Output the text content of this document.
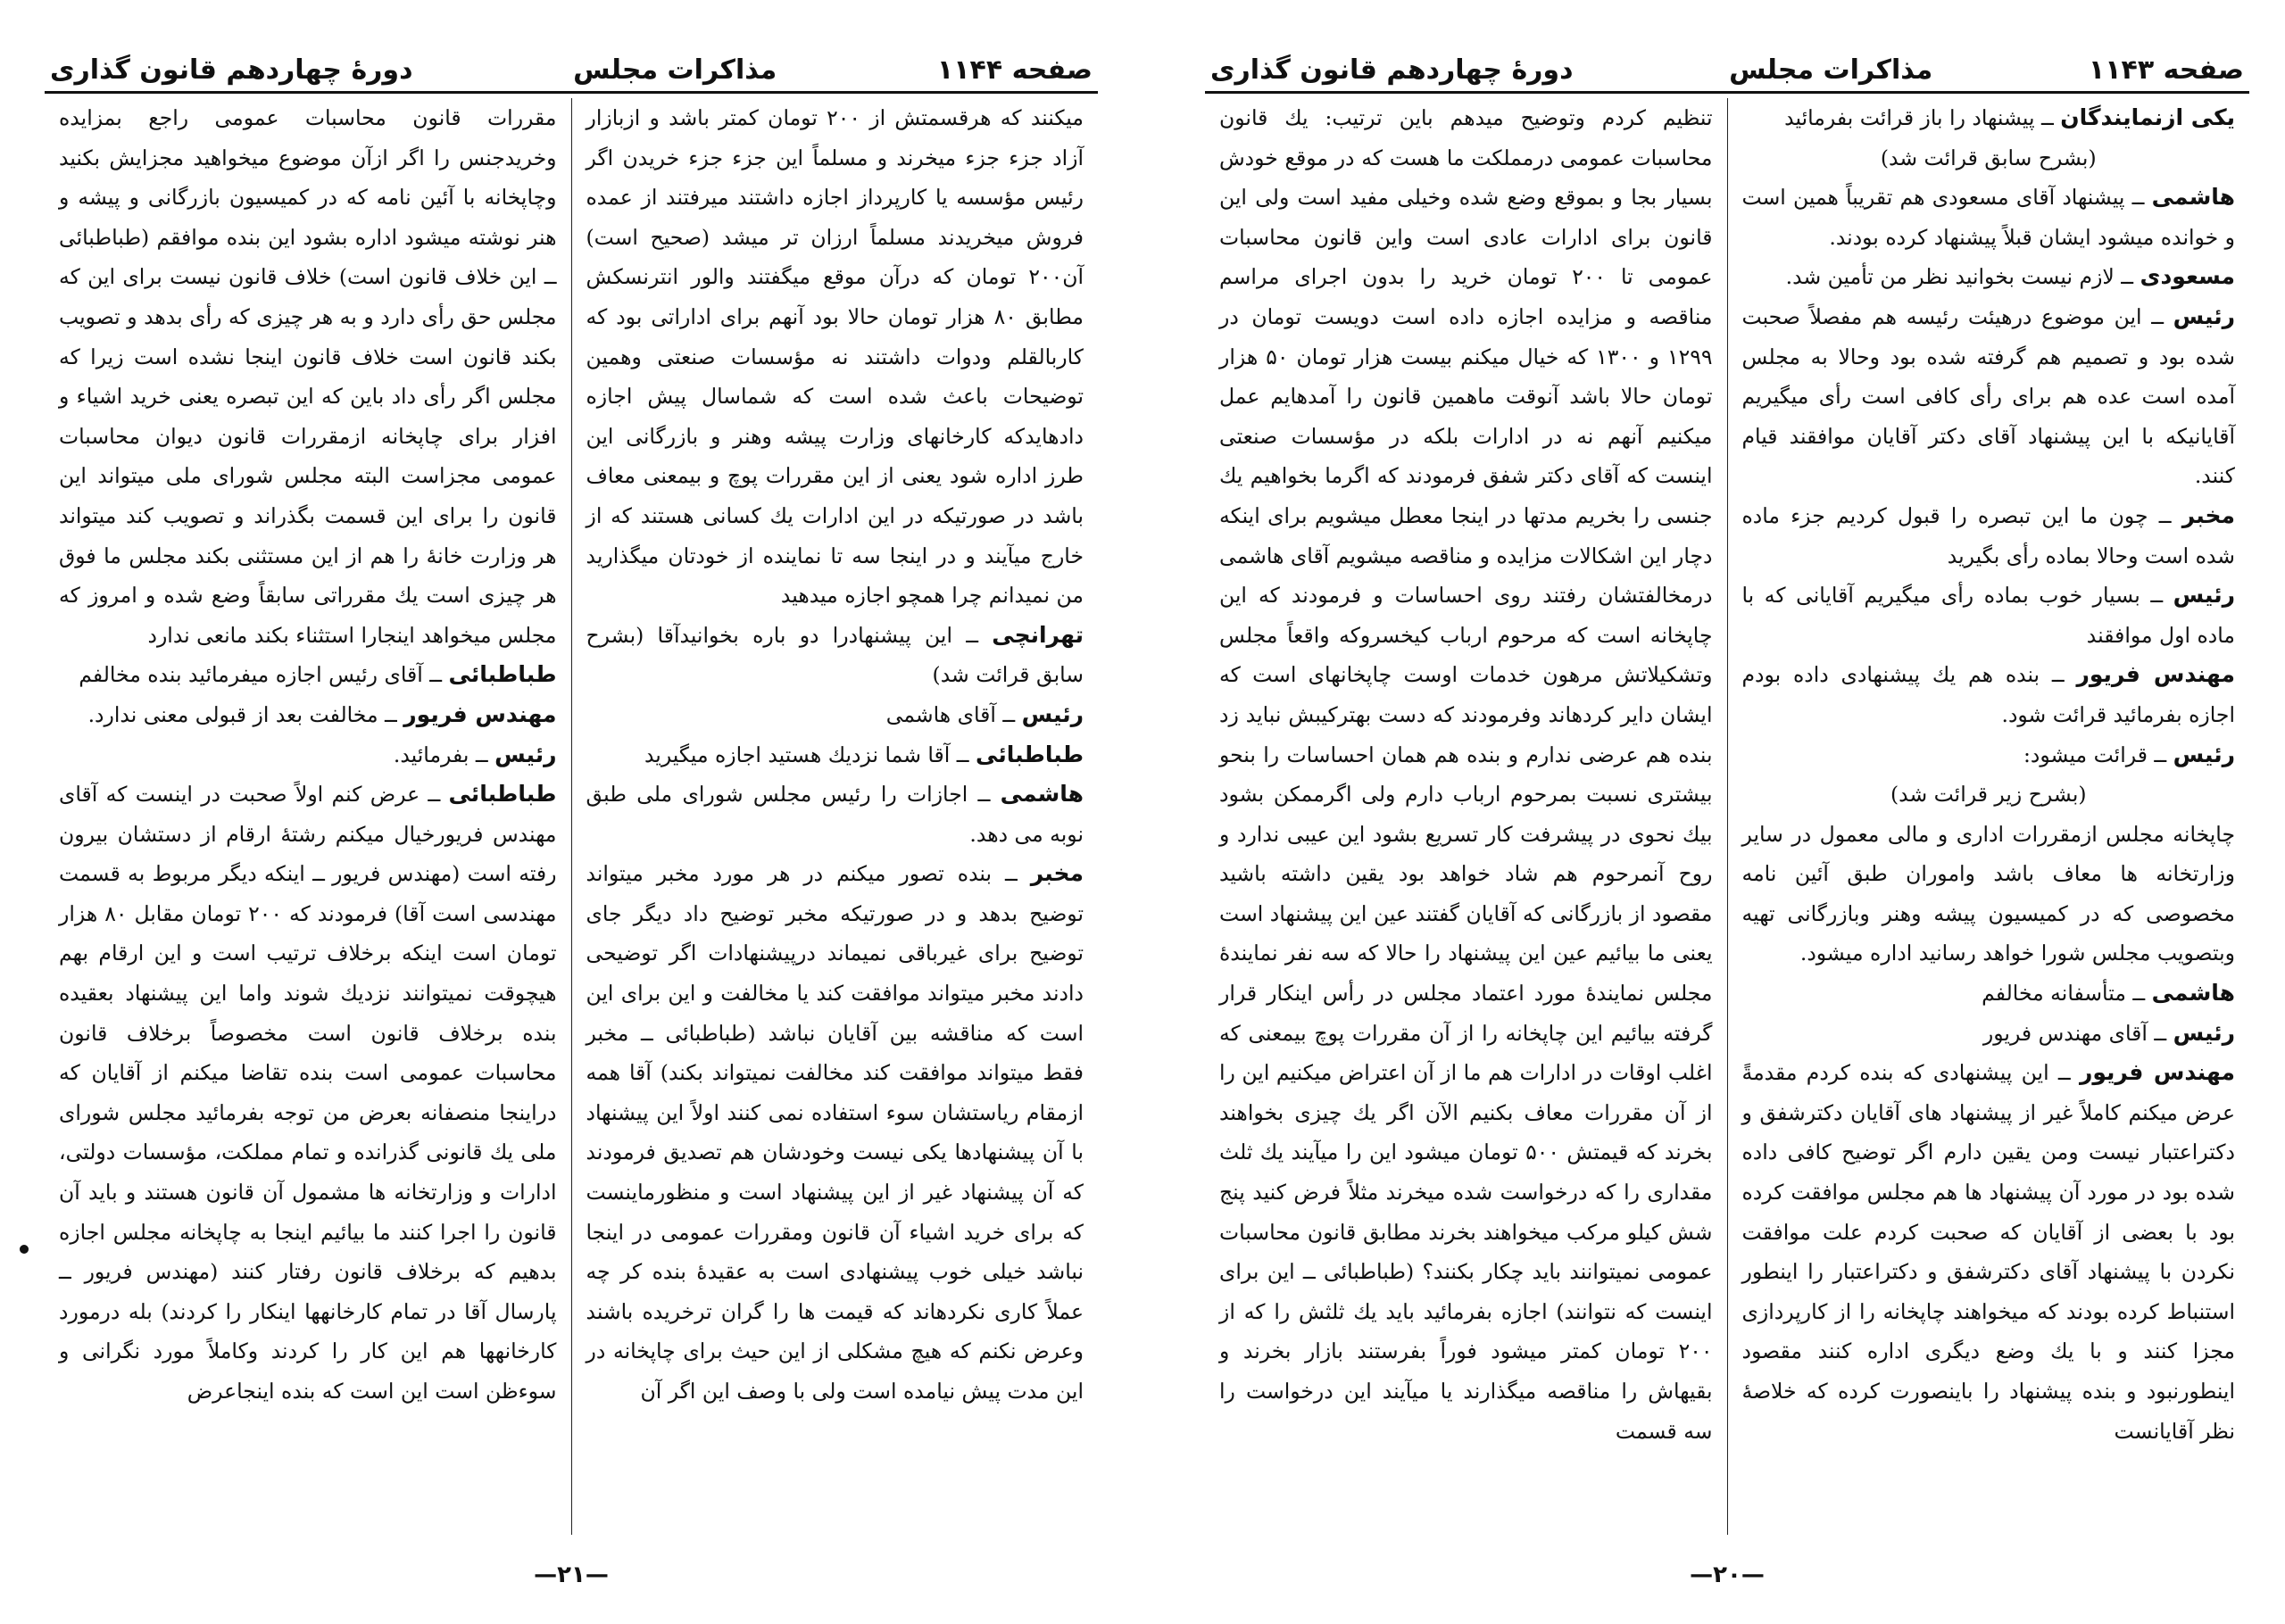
دورهٔ چهاردهم قانون گذاری	مذاکرات مجلس	صفحه ۱۱۴۴

میکنند که هرقسمتش از ۲۰۰ تومان کمتر باشد و ازبازار آزاد جزء جزء میخرند و مسلماً این جزء جزء خریدن اگر رئیس مؤسسه یا کارپرداز اجازه داشتند میرفتند از عمده فروش میخریدند مسلماً ارزان تر میشد (صحیح است) آن۲۰۰ تومان که درآن موقع میگفتند والور انترنسکش مطابق ۸۰ هزار تومان حالا بود آنهم برای اداراتی بود که کاربالقلم ودوات داشتند نه مؤسسات صنعتی وهمین توضیحات باعث شده است که شماسال پیش اجازه دادهایدکه کارخانهای وزارت پیشه وهنر و بازرگانی این طرز اداره شود یعنی از این مقررات پوچ و بیمعنی معاف باشد در صورتیکه در این ادارات یك کسانی هستند که از خارج میآیند و در اینجا سه تا نماینده از خودتان میگذارید من نمیدانم چرا همچو اجازه میدهید

تهرانچی ــ این پیشنهادرا دو باره بخوانیدآقا (بشرح سابق قرائت شد)

رئیس ــ آقای هاشمی

طباطبائی ــ آقا شما نزدیك هستید اجازه میگیرید

هاشمی ــ اجازات را رئیس مجلس شورای ملی طبق نوبه می دهد.

مخبر ــ بنده تصور میکنم در هر مورد مخبر میتواند توضیح بدهد و در صورتیکه مخبر توضیح داد دیگر جای توضیح برای غیرباقی نمیماند درپیشنهادات اگر توضیحی دادند مخبر میتواند موافقت کند یا مخالفت و این برای این است که مناقشه بین آقایان نباشد (طباطبائی ــ مخبر فقط میتواند موافقت کند مخالفت نمیتواند بکند) آقا همه ازمقام ریاستشان سوء استفاده نمی کنند اولاً این پیشنهاد با آن پیشنهادها یکی نیست وخودشان هم تصدیق فرمودند که آن پیشنهاد غیر از این پیشنهاد است و منظورماینست که برای خرید اشیاء آن قانون ومقررات عمومی در اینجا نباشد خیلی خوب پیشنهادی است به عقیدهٔ بنده کر چه عملاً کاری نکردهاند که قیمت ها را گران ترخریده باشند وعرض نکنم که هیچ مشکلی از این حیث برای چاپخانه در این مدت پیش نیامده است ولی با وصف این اگر آن

مقررات قانون محاسبات عمومی راجع بمزایده وخریدجنس را اگر ازآن موضوع میخواهید مجزایش بکنید وچاپخانه با آئین نامه که در کمیسیون بازرگانی و پیشه و هنر نوشته میشود اداره بشود این بنده موافقم (طباطبائی ــ این خلاف قانون است) خلاف قانون نیست برای این که مجلس حق رأی دارد و به هر چیزی که رأی بدهد و تصویب بکند قانون است خلاف قانون اینجا نشده است زیرا که مجلس اگر رأی داد باین که این تبصره یعنی خرید اشیاء و افزار برای چاپخانه ازمقررات قانون دیوان محاسبات عمومی مجزاست البته مجلس شورای ملی میتواند این قانون را برای این قسمت بگذراند و تصویب کند میتواند هر وزارت خانهٔ را هم از این مستثنی بکند مجلس ما فوق هر چیزی است یك مقرراتی سابقاً وضع شده و امروز که مجلس میخواهد اینجارا استثناء بکند مانعی ندارد

طباطبائی ــ آقای رئیس اجازه میفرمائید بنده مخالفم

مهندس فریور ــ مخالفت بعد از قبولی معنی ندارد.

رئیس ــ بفرمائید.

طباطبائی ــ عرض کنم اولاً صحبت در اینست که آقای مهندس فریورخیال میکنم رشتهٔ ارقام از دستشان بیرون رفته است (مهندس فریور ــ اینکه دیگر مربوط به قسمت مهندسی است آقا) فرمودند که ۲۰۰ تومان مقابل ۸۰ هزار تومان است اینکه برخلاف ترتیب است و این ارقام بهم هیچوقت نمیتوانند نزدیك شوند واما این پیشنهاد بعقیده بنده برخلاف قانون است مخصوصاً برخلاف قانون محاسبات عمومی است بنده تقاضا میکنم از آقایان که دراینجا منصفانه بعرض من توجه بفرمائید مجلس شورای ملی یك قانونی گذرانده و تمام مملکت، مؤسسات دولتی، ادارات و وزارتخانه ها مشمول آن قانون هستند و باید آن قانون را اجرا کنند ما بیائیم اینجا به چاپخانه مجلس اجازه بدهیم که برخلاف قانون رفتار کنند (مهندس فریور ــ پارسال آقا در تمام کارخانهها اینکار را کردند) بله درمورد کارخانهها هم این کار را کردند وکاملاً مورد نگرانی و سوءظن است این است که بنده اینجاعرض

—۲۱—
دورهٔ چهاردهم قانون گذاری	مذاکرات مجلس	صفحه ۱۱۴۳

یکی ازنمایندگان ــ پیشنهاد را باز قرائت بفرمائید

(بشرح سابق قرائت شد)

هاشمی ــ پیشنهاد آقای مسعودی هم تقریباً همین است و خوانده میشود ایشان قبلاً پیشنهاد کرده بودند.

مسعودی ــ لازم نیست بخوانید نظر من تأمین شد.

رئیس ــ این موضوع درهیئت رئیسه هم مفصلاً صحبت شده بود و تصمیم هم گرفته شده بود وحالا به مجلس آمده است عده هم برای رأی کافی است رأی میگیریم آقایانیکه با این پیشنهاد آقای دکتر آقایان موافقند قیام کنند.

مخبر ــ چون ما این تبصره را قبول کردیم جزء ماده شده است وحالا بماده رأی بگیرید

رئیس ــ بسیار خوب بماده رأی میگیریم آقایانی که با ماده اول موافقند

مهندس فریور ــ بنده هم یك پیشنهادی داده بودم اجازه بفرمائید قرائت شود.

رئیس ــ قرائت میشود:

(بشرح زیر قرائت شد)

چاپخانه مجلس ازمقررات اداری و مالی معمول در سایر وزارتخانه ها معاف باشد واموران طبق آئین نامه مخصوصی که در کمیسیون پیشه وهنر وبازرگانی تهیه وبتصویب مجلس شورا خواهد رسانید اداره میشود.

هاشمی ــ متأسفانه مخالفم

رئیس ــ آقای مهندس فریور

مهندس فریور ــ این پیشنهادی که بنده کردم مقدمةً عرض میکنم کاملاً غیر از پیشنهاد های آقایان دکترشفق و دکتراعتبار نیست ومن یقین دارم اگر توضیح کافی داده شده بود در مورد آن پیشنهاد ها هم مجلس موافقت کرده بود با بعضی از آقایان که صحبت کردم علت موافقت نکردن با پیشنهاد آقای دکترشفق و دکتراعتبار را اینطور استنباط کرده بودند که میخواهند چاپخانه را از کارپردازی مجزا کنند و با یك وضع دیگری اداره کنند مقصود اینطورنبود و بنده پیشنهاد را باینصورت کرده که خلاصهٔ نظر آقایانست

تنظیم کردم وتوضیح میدهم باین ترتیب: یك قانون محاسبات عمومی درمملکت ما هست که در موقع خودش بسیار بجا و بموقع وضع شده وخیلی مفید است ولی این قانون برای ادارات عادی است واین قانون محاسبات عمومی تا ۲۰۰ تومان خرید را بدون اجرای مراسم مناقصه و مزایده اجازه داده است دویست تومان در ۱۲۹۹ و ۱۳۰۰ که خیال میکنم بیست هزار تومان ۵۰ هزار تومان حالا باشد آنوقت ماهمین قانون را آمدهایم عمل میکنیم آنهم نه در ادارات بلکه در مؤسسات صنعتی اینست که آقای دکتر شفق فرمودند که اگرما بخواهیم یك جنسی را بخریم مدتها در اینجا معطل میشویم برای اینکه دچار این اشکالات مزایده و مناقصه میشویم آقای هاشمی درمخالفتشان رفتند روی احساسات و فرمودند که این چاپخانه است که مرحوم ارباب کیخسروکه واقعاً مجلس وتشکیلاتش مرهون خدمات اوست چاپخانهای است که ایشان دایر کردهاند وفرمودند که دست بهترکیبش نباید زد بنده هم عرضی ندارم و بنده هم همان احساسات را بنحو بیشتری نسبت بمرحوم ارباب دارم ولی اگرممکن بشود بیك نحوی در پیشرفت کار تسریع بشود این عیبی ندارد و روح آنمرحوم هم شاد خواهد بود یقین داشته باشید مقصود از بازرگانی که آقایان گفتند عین این پیشنهاد است یعنی ما بیائیم عین این پیشنهاد را حالا که سه نفر نمایندهٔ مجلس نمایندهٔ مورد اعتماد مجلس در رأس اینکار قرار گرفته بیائیم این چاپخانه را از آن مقررات پوچ بیمعنی که اغلب اوقات در ادارات هم ما از آن اعتراض میکنیم این را از آن مقررات معاف بکنیم الآن اگر یك چیزی بخواهند بخرند که قیمتش ۵۰۰ تومان میشود این را میآیند یك ثلث مقداری را که درخواست شده میخرند مثلاً فرض کنید پنج شش کیلو مرکب میخواهند بخرند مطابق قانون محاسبات عمومی نمیتوانند باید چکار بکنند؟ (طباطبائی ــ این برای اینست که نتوانند) اجازه بفرمائید باید یك ثلثش را که از ۲۰۰ تومان کمتر میشود فوراً بفرستند بازار بخرند و بقیهاش را مناقصه میگذارند یا میآیند این درخواست را سه قسمت

—۲۰—
